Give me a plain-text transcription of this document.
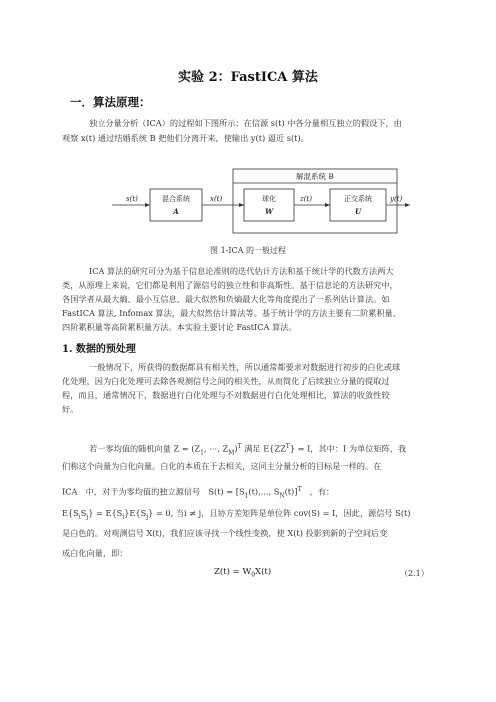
实验 2：FastICA 算法
一．算法原理：
独立分量分析（ICA）的过程如下图所示：在信源 s(t) 中各分量相互独立的假设下，由
观察 x(t) 通过结婚系统 B 把他们分离开来，使输出 y(t) 逼近 s(t)。
解混系统 B
混合系统
A
球化
W
正交系统
U
s(t)	x(t)	z(t)	y(t)
图 1-ICA 的一般过程
ICA 算法的研究可分为基于信息论准则的迭代估计方法和基于统计学的代数方法两大
类，从原理上来说，它们都是利用了源信号的独立性和非高斯性。基于信息论的方法研究中，
各国学者从最大熵、最小互信息、最大似然和负熵最大化等角度提出了一系列估计算法。如
FastICA 算法, Infomax 算法，最大似然估计算法等。基于统计学的方法主要有二阶累积量、
四阶累积量等高阶累积量方法。本实验主要讨论 FastICA 算法。
1. 数据的预处理
一般情况下，所获得的数据都具有相关性，所以通常都要求对数据进行初步的白化或球
化处理，因为白化处理可去除各观测信号之间的相关性，从而简化了后续独立分量的提取过
程，而且，通常情况下，数据进行白化处理与不对数据进行白化处理相比，算法的收敛性较
好。
若一零均值的随机向量 $Z = (Z_1$, ⋯, $Z_M)^T$ 满足 $E\{ZZ^T\} = I$，其中：I 为单位矩阵，我
们称这个向量为白化向量。白化的本质在于去相关，这同主分量分析的目标是一样的。在
ICA　中，对于为零均值的独立源信号　$S(t) = [S_1(t)$,..., $S_N(t)]^T$　，有：
$E\{S_iS_j\} = E\{S_i\}E\{S_j\} = 0$, 当i ≠ j，且协方差矩阵是单位阵 cov(S) = I，因此，源信号 S(t)
是白色的。对观测信号 X(t)，我们应该寻找一个线性变换，使 X(t) 投影到新的子空间后变
成白化向量，即：
$Z(t) = W_0X(t)$	（2.1）
